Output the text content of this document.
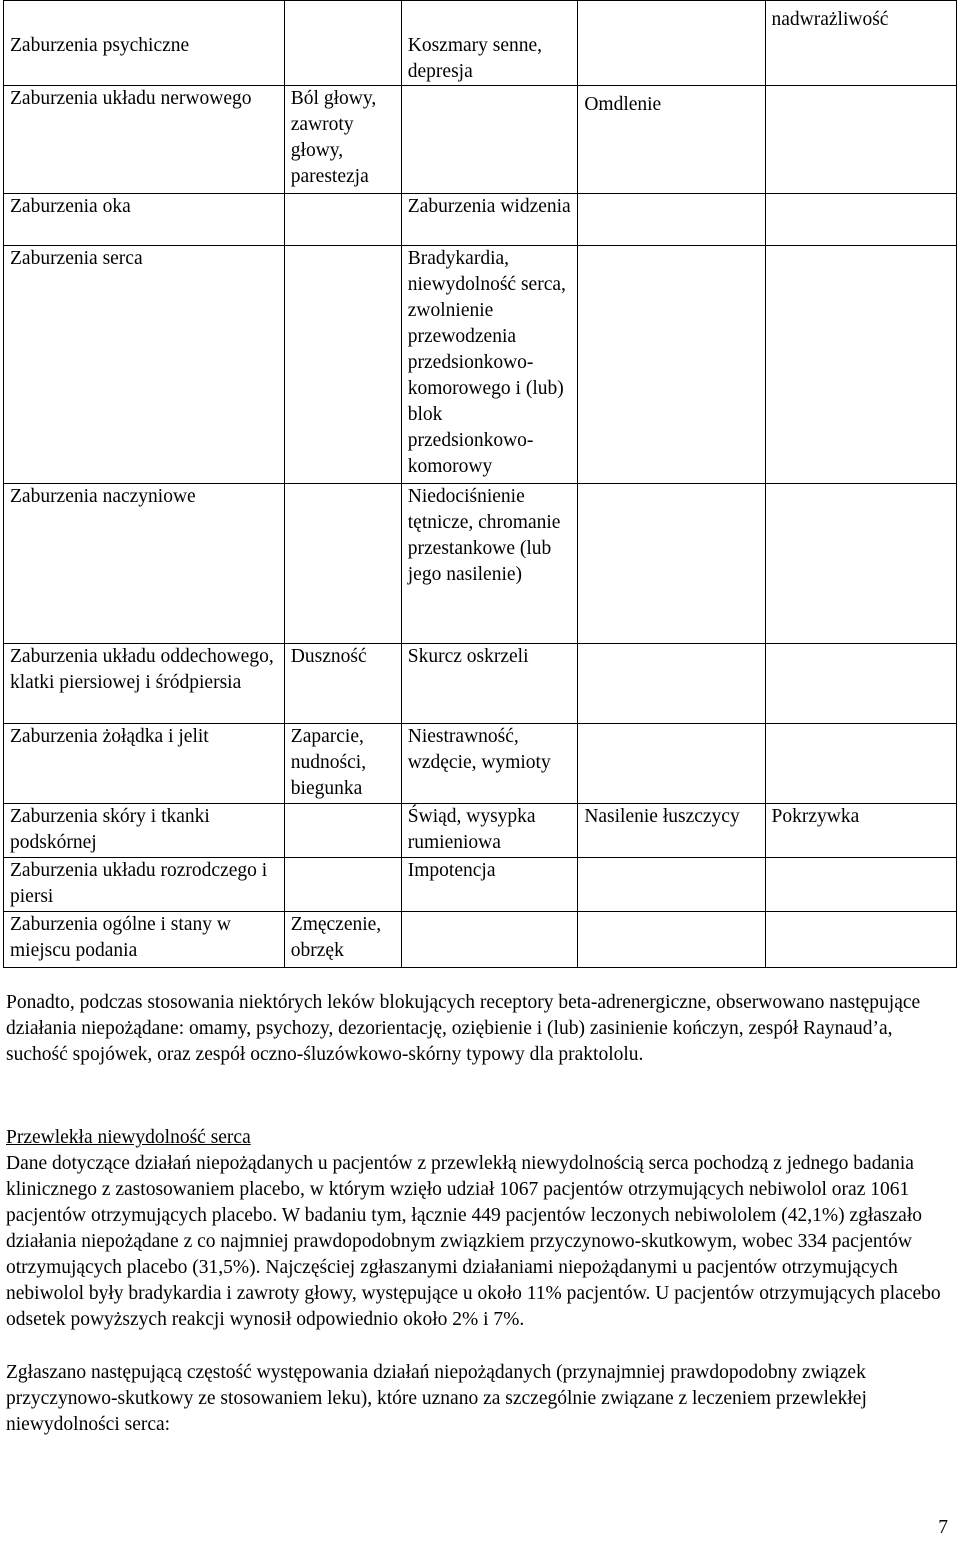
Zaburzenia psychiczne		Koszmary senne, depresja		nadwrażliwość
Zaburzenia układu nerwowego	Ból głowy, zawroty głowy, parestezja		Omdlenie	
Zaburzenia oka		Zaburzenia widzenia		
Zaburzenia serca		Bradykardia, niewydolność serca, zwolnienie przewodzenia przedsionkowo-komorowego i (lub) blok przedsionkowo-komorowy		
Zaburzenia naczyniowe		Niedociśnienie tętnicze, chromanie przestankowe (lub jego nasilenie)		
Zaburzenia układu oddechowego, klatki piersiowej i śródpiersia	Duszność	Skurcz oskrzeli		
Zaburzenia żołądka i jelit	Zaparcie, nudności, biegunka	Niestrawność, wzdęcie, wymioty		
Zaburzenia skóry i tkanki podskórnej		Świąd, wysypka rumieniowa	Nasilenie łuszczycy	Pokrzywka
Zaburzenia układu rozrodczego i piersi		Impotencja		
Zaburzenia ogólne i stany w miejscu podania	Zmęczenie, obrzęk			

Ponadto, podczas stosowania niektórych leków blokujących receptory beta-adrenergiczne, obserwowano następujące działania niepożądane: omamy, psychozy, dezorientację, oziębienie i (lub) zasinienie kończyn, zespół Raynaud’a, suchość spojówek, oraz zespół oczno-śluzówkowo-skórny typowy dla praktololu.

Przewlekła niewydolność serca

Dane dotyczące działań niepożądanych u pacjentów z przewlekłą niewydolnością serca pochodzą z jednego badania klinicznego z zastosowaniem placebo, w którym wzięło udział 1067 pacjentów otrzymujących nebiwolol oraz 1061 pacjentów otrzymujących placebo. W badaniu tym, łącznie 449 pacjentów leczonych nebiwololem (42,1%) zgłaszało działania niepożądane z co najmniej prawdopodobnym związkiem przyczynowo-skutkowym, wobec 334 pacjentów otrzymujących placebo (31,5%). Najczęściej zgłaszanymi działaniami niepożądanymi u pacjentów otrzymujących nebiwolol były bradykardia i zawroty głowy, występujące u około 11% pacjentów. U pacjentów otrzymujących placebo odsetek powyższych reakcji wynosił odpowiednio około 2% i 7%.

Zgłaszano następującą częstość występowania działań niepożądanych (przynajmniej prawdopodobny związek przyczynowo-skutkowy ze stosowaniem leku), które uznano za szczególnie związane z leczeniem przewlekłej niewydolności serca:

7
